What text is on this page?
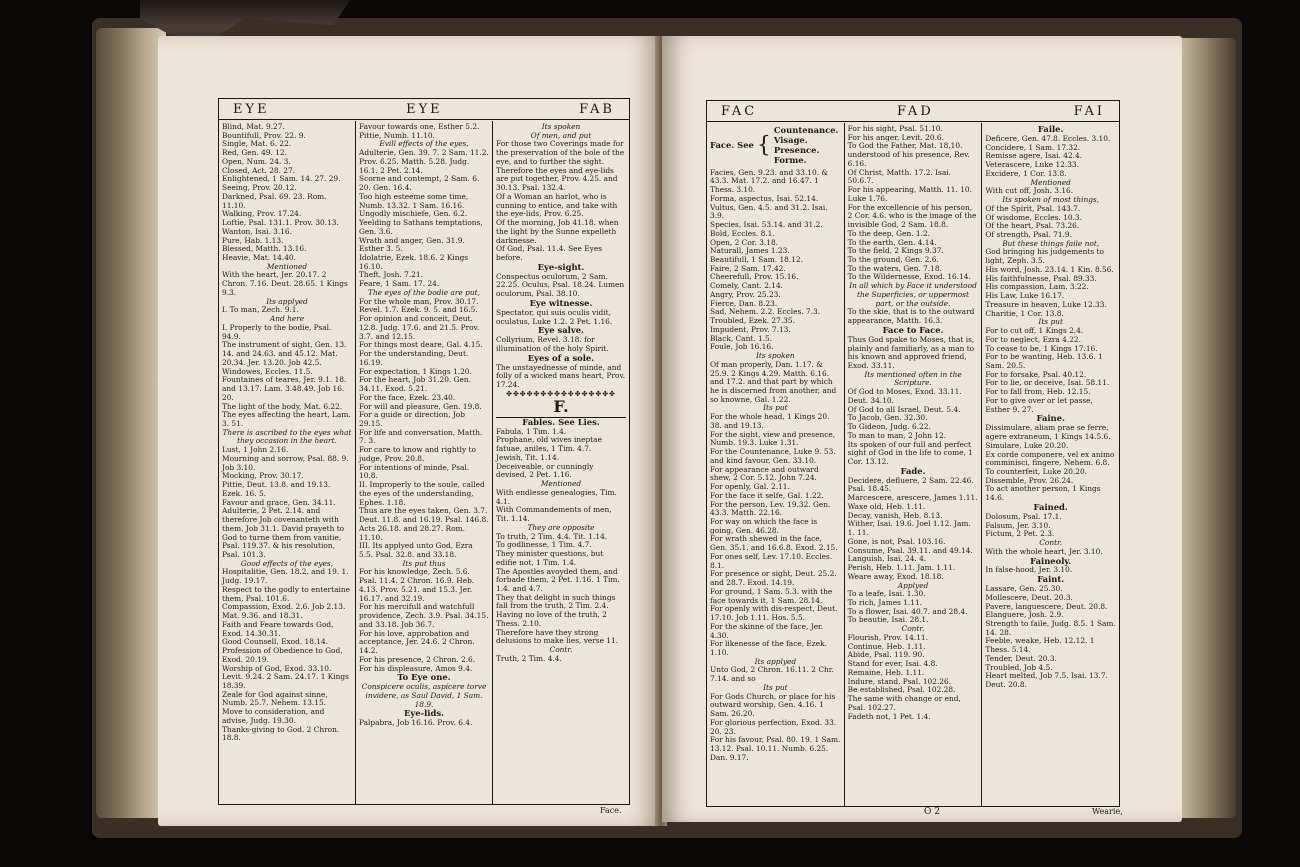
EYE	EYE	FAB

Blind, Mat. 9.27.

Bountifull, Prov. 22. 9.

Single, Mat. 6. 22.

Red, Gen. 49. 12.

Open, Num. 24. 3.

Closed, Act. 28. 27.

Enlightened, 1 Sam. 14. 27. 29.

Seeing, Prov. 20.12.

Darkned, Psal. 69. 23. Rom. 11.10.

Walking, Prov. 17.24.

Loftie, Psal. 131.1. Prov. 30.13.

Wanton, Isai. 3.16.

Pure, Hab. 1.13.

Blessed, Matth. 13.16.

Heavie, Mat. 14.40.

Mentioned

With the heart, Jer. 20.17. 2 Chron. 7.16. Deut. 28.65. 1 Kings 9.3.

Its applyed

I. To man, Zech. 9.1.

And here

I. Properly to the bodie, Psal. 94.9.

The instrument of sight, Gen. 13. 14. and 24.63. and 45.12. Mat. 20.34. Jer. 13.20. Job 42.5.

Windowes, Eccles. 11.5.

Fountaines of teares, Jer. 9.1. 18. and 13.17. Lam. 3.48.49. Job 16. 20.

The light of the body, Mat. 6.22.

The eyes affecting the heart, Lam. 3. 51.

There is ascribed to the eyes what they occasion in the heart.

Lust, 1 John 2.16.

Mourning and sorrow, Psal. 88. 9. Job 3.10.

Mocking, Prov. 30.17.

Pittie, Deut. 13.8. and 19.13. Ezek. 16. 5.

Favour and grace, Gen. 34.11.

Adulterie, 2 Pet. 2.14. and therefore Job covenanteth with them, Job 31.1. David prayeth to God to turne them from vanitie, Psal. 119.37. & his resolution, Psal. 101.3.

Good effects of the eyes,

Hospitalitie, Gen. 18.2. and 19. 1. Judg. 19.17.

Respect to the godly to entertaine them, Psal. 101.6.

Compassion, Exod. 2.6. Job 2.13. Mat. 9.36. and 18.31.

Faith and Feare towards God, Exod. 14.30.31.

Good Counsell, Exod. 18.14.

Profession of Obedience to God, Exod. 20.19.

Worship of God, Exod. 33.10. Levit. 9.24. 2 Sam. 24.17. 1 Kings 18.39.

Zeale for God against sinne, Numb. 25.7. Nehem. 13.15.

Move to consideration, and advise, Judg. 19.30.

Thanks-giving to God, 2 Chron. 18.8.

Favour towards one, Esther 5.2.

Pittie, Numb. 11.10.

Evill effects of the eyes,

Adulterie, Gen. 39. 7. 2 Sam. 11.2. Prov. 6.25. Matth. 5.28. Judg. 16.1. 2 Pet. 2.14.

Scorne and contempt, 2 Sam. 6. 20. Gen. 16.4.

Too high esteeme some time, Numb. 13.32. 1 Sam. 16.16.

Ungodly mischiefe, Gen. 6.2.

Yeelding to Sathans temptations, Gen. 3.6.

Wrath and anger, Gen. 31.9. Esther 3. 5.

Idolatrie, Ezek. 18.6. 2 Kings 16.10.

Theft, Josh. 7.21.

Feare, 1 Sam. 17. 24.

The eyes of the bodie are put,

For the whole man, Prov. 30.17. Revel. 1.7. Ezek. 9. 5. and 16.5.

For opinion and conceit, Deut. 12.8. Judg. 17.6. and 21.5. Prov. 3.7. and 12.15.

For things most deare, Gal. 4.15.

For the understanding, Deut. 16.19.

For expectation, 1 Kings 1.20.

For the heart, Job 31.20. Gen. 34.11. Exod. 5.21.

For the face, Ezek. 23.40.

For will and pleasure, Gen. 19.8.

For a guide or direction, Job 29.15.

For life and conversation, Matth. 7. 3.

For care to know and rightly to judge, Prov. 20.8.

For intentions of minde, Psal. 10.8.

II. Improperly to the soule, called the eyes of the understanding, Ephes. 1.18.

Thus are the eyes taken, Gen. 3.7. Deut. 11.8. and 16.19. Psal. 146.8. Acts 26.18. and 28.27. Rom. 11.10.

III. Its applyed unto God, Ezra 5.5. Psal. 32.8. and 33.18.

Its put thus

For his knowledge, Zech. 5.6. Psal. 11.4. 2 Chron. 16.9. Heb. 4.13. Prov. 5.21. and 15.3. Jer. 16.17. and 32.19.

For his mercifull and watchfull providence, Zech. 3.9. Psal. 34.15. and 33.18. Job 36.7.

For his love, approbation and acceptance, Jer. 24.6. 2 Chron. 14.2.

For his presence, 2 Chron. 2.6.

For his displeasure, Amos 9.4.

To Eye one.

Conspicere oculis, aspicere torve invidere, as Saul David, 1 Sam. 18.9.

Eye-lids.

Palpabra, Job 16.16. Prov. 6.4.

Its spoken

Of men, and put

For those two Coverings made for the preservation of the bole of the eye, and to further the sight. Therefore the eyes and eye-lids are put together, Prov. 4.25. and 30.13. Psal. 132.4.

Of a Woman an harlot, who is cunning to entice, and take with the eye-lids, Prov. 6.25.

Of the morning, Job 41.18. when the light by the Sunne expelleth darknesse.

Of God, Psal. 11.4. See Eyes before.

Eye-sight.

Conspectus oculorum, 2 Sam. 22.25. Oculus, Psal. 18.24. Lumen oculorum, Psal. 38.10.

Eye witnesse.

Spectator, qui suis oculis vidit, oculatus, Luke 1.2. 2 Pet. 1.16.

Eye salve.

Collyrium, Revel. 3.18. for illumination of the holy Spirit.

Eyes of a sole.

The unstayednesse of minde, and folly of a wicked mans heart, Prov. 17.24.

✤✤✤✤✤✤✤✤✤✤✤✤✤✤✤✤

F.

Fables. See Lies.

Fabula, 1 Tim. 1.4.

Prophane, old wives ineptae fatuae, aniles, 1 Tim. 4.7.

Jewish, Tit. 1.14.

Deceiveable, or cunningly devised, 2 Pet. 1.16.

Mentioned

With endlesse genealogies, Tim. 4.1.

With Commandements of men, Tit. 1.14.

They are opposite

To truth, 2 Tim. 4.4. Tit. 1.14.

To godlinesse, 1 Tim. 4.7.

They minister questions, but edifie not, 1 Tim. 1.4.

The Apostles avoyded them, and forbade them, 2 Pet. 1.16. 1 Tim. 1.4. and 4.7.

They that delight in such things fall from the truth, 2 Tim. 2.4.

Having no love of the truth, 2 Thess. 2.10.

Therefore have they strong delusions to make lies, verse 11.

Contr.

Truth, 2 Tim. 4.4.

Face.
FAC	FAD	FAI
Face. See {
Countenance.
Visage.
Presence.
Forme.

Facies, Gen. 9.23. and 33.10. & 43.3. Mat. 17.2. and 16.47. 1 Thess. 3.10.

Forma, aspectus, Isai. 52.14.

Vultus, Gen. 4.5. and 31.2. Isai. 3.9.

Species, Isai. 53.14. and 31.2.

Bold, Eccles. 8.1.

Open, 2 Cor. 3.18.

Naturall, James 1.23.

Beautifull, 1 Sam. 18.12.

Faire, 2 Sam. 17.42.

Cheerefull, Prov. 15.16.

Comely, Cant. 2.14.

Angry, Prov. 25.23.

Fierce, Dan. 8.23.

Sad, Nehem. 2.2. Eccles. 7.3.

Troubled, Ezek. 27.35.

Impudent, Prov. 7.13.

Black, Cant. 1.5.

Foule, Job 16.16.

Its spoken

Of man properly, Dan. 1.17. & 25.9. 2 Kings 4.29. Matth. 6.16. and 17.2. and that part by which he is discerned from another, and so knowne, Gal. 1.22.

Its put

For the whole head, 1 Kings 20. 38. and 19.13.

For the sight, view and presence, Numb. 19.3. Luke 1.31.

For the Countenance, Luke 9. 53. and kind favour, Gen. 33.10.

For appearance and outward shew, 2 Cor. 5.12. John 7.24.

For openly, Gal. 2.11.

For the face it selfe, Gal. 1.22.

For the person, Lev. 19.32. Gen. 43.3. Matth. 22.16.

For way on which the face is going, Gen. 46.28.

For wrath shewed in the face, Gen. 35.1. and 16.6.8. Exod. 2.15.

For ones self, Lev. 17.10. Eccles. 8.1.

For presence or sight, Deut. 25.2. and 28.7. Exod. 14.19.

For ground, 1 Sam. 5.3. with the face towards it, 1 Sam. 28.14.

For openly with dis-respect, Deut. 17.10. Job 1.11. Hos. 5.5.

For the skinne of the face, Jer. 4.30.

For likenesse of the face, Ezek. 1.10.

Its applyed

Unto God, 2 Chron. 16.11. 2 Chr. 7.14. and so

Its put

For Gods Church, or place for his outward worship, Gen. 4.16. 1 Sam. 26.20.

For glorious perfection, Exod. 33. 20. 23.

For his favour, Psal. 80. 19. 1 Sam. 13.12. Psal. 10.11. Numb. 6.25. Dan. 9.17.

For his sight, Psal. 51.10.

For his anger, Levit. 20.6.

To God the Father, Mat. 18.10. understood of his presence, Rev. 6.16.

Of Christ, Matth. 17.2. Isai. 50.6.7.

For his appearing, Matth. 11. 10. Luke 1.76.

For the excellencie of his person, 2 Cor. 4.6. who is the image of the invisible God, 2 Sam. 18.8.

To the deep, Gen. 1.2.

To the earth, Gen. 4.14.

To the field, 2 Kings 9.37.

To the ground, Gen. 2.6.

To the waters, Gen. 7.18.

To the Wildernesse, Exod. 16.14.

In all which by Face it understood the Superficies, or uppermost part, or the outside.

To the skie, that is to the outward appearance, Matth. 16.3.

Face to Face.

Thus God spake to Moses, that is, plainly and familiarly, as a man to his known and approved friend, Exod. 33.11.

Its mentioned often in the Scripture.

Of God to Moses, Exod. 33.11. Deut. 34.10.

Of God to all Israel, Deut. 5.4.

To Jacob, Gen. 32.30.

To Gideon, Judg. 6.22.

To man to man, 2 John 12.

Its spoken of our full and perfect sight of God in the life to come, 1 Cor. 13.12.

Fade.

Decidere, defluere, 2 Sam. 22.46. Psal. 18.45.

Marcescere, arescere, James 1.11.

Waxe old, Heb. 1.11.

Decay, vanish, Heb. 8.13.

Wither, Isai. 19.6. Joel 1.12. Jam. 1. 11.

Gone, is not, Psal. 103.16.

Consume, Psal. 39.11. and 49.14.

Languish, Isai. 24. 4.

Perish, Heb. 1.11. Jam. 1.11.

Weare away, Exod. 18.18.

Applyed

To a leafe, Isai. 1.30.

To rich, James 1.11.

To a flower, Isai. 40.7. and 28.4.

To beautie, Isai. 28.1.

Contr.

Flourish, Prov. 14.11.

Continue, Heb. 1.11.

Abide, Psal. 119. 90.

Stand for ever, Isai. 4.8.

Remaine, Heb. 1.11.

Indure, stand, Psal. 102.26.

Be established, Psal. 102.28.

The same with change or end, Psal. 102.27.

Fadeth not, 1 Pet. 1.4.

Faile.

Deficere, Gen. 47.8. Eccles. 3.10.

Concidere, 1 Sam. 17.32.

Remisse agere, Isai. 42.4.

Veterascere, Luke 12.33.

Excidere, 1 Cor. 13.8.

Mentioned

With cut off, Josh. 3.16.

Its spoken of most things,

Of the Spirit, Psal. 143.7.

Of wisdome, Eccles. 10.3.

Of the heart, Psal. 73.26.

Of strength, Psal. 71.9.

But these things faile not,

God bringing his judgements to light, Zeph. 3.5.

His word, Josh. 23.14. 1 Kin. 8.56.

His faithfulnesse, Psal. 89.33.

His compassion, Lam. 3.22.

His Law, Luke 16.17.

Treasure in heaven, Luke 12.33.

Charitie, 1 Cor. 13.8.

Its put

For to cut off, 1 Kings 2.4.

For to neglect, Ezra 4.22.

To cease to be, 1 Kings 17.16.

For to be wanting, Heb. 13.6. 1 Sam. 20.5.

For to forsake, Psal. 40.12.

For to lie, or deceive, Isai. 58.11.

For to fall from, Heb. 12.15.

For to give over or let passe, Esther 9. 27.

Faine.

Dissimulare, aliam prae se ferre, agere extraneum, 1 Kings 14.5.6.

Simulare, Luke 20.20.

Ex corde componere, vel ex animo comminisci, fingere, Nehem. 6.8.

To counterfeit, Luke 20.20.

Dissemble, Prov. 26.24.

To act another person, 1 Kings 14.6.

Fained.

Dolosum, Psal. 17.1.

Falsum, Jer. 3.10.

Fictum, 2 Pet. 2.3.

Contr.

With the whole heart, Jer. 3.10.

Faineoly.

In false-hood, Jer. 3.10.

Faint.

Lassare, Gen. 25.30.

Mollescere, Deut. 20.3.

Pavere, languescere, Deut. 20.8.

Elanguere, Josh. 2.9.

Strength to faile, Judg. 8.5. 1 Sam. 14. 28.

Feeble, weake, Heb. 12.12. 1 Thess. 5.14.

Tender, Deut. 20.3.

Troubled, Job 4.5.

Heart melted, Job 7.5. Isai. 13.7. Deut. 20.8.

O 2	Wearie,
